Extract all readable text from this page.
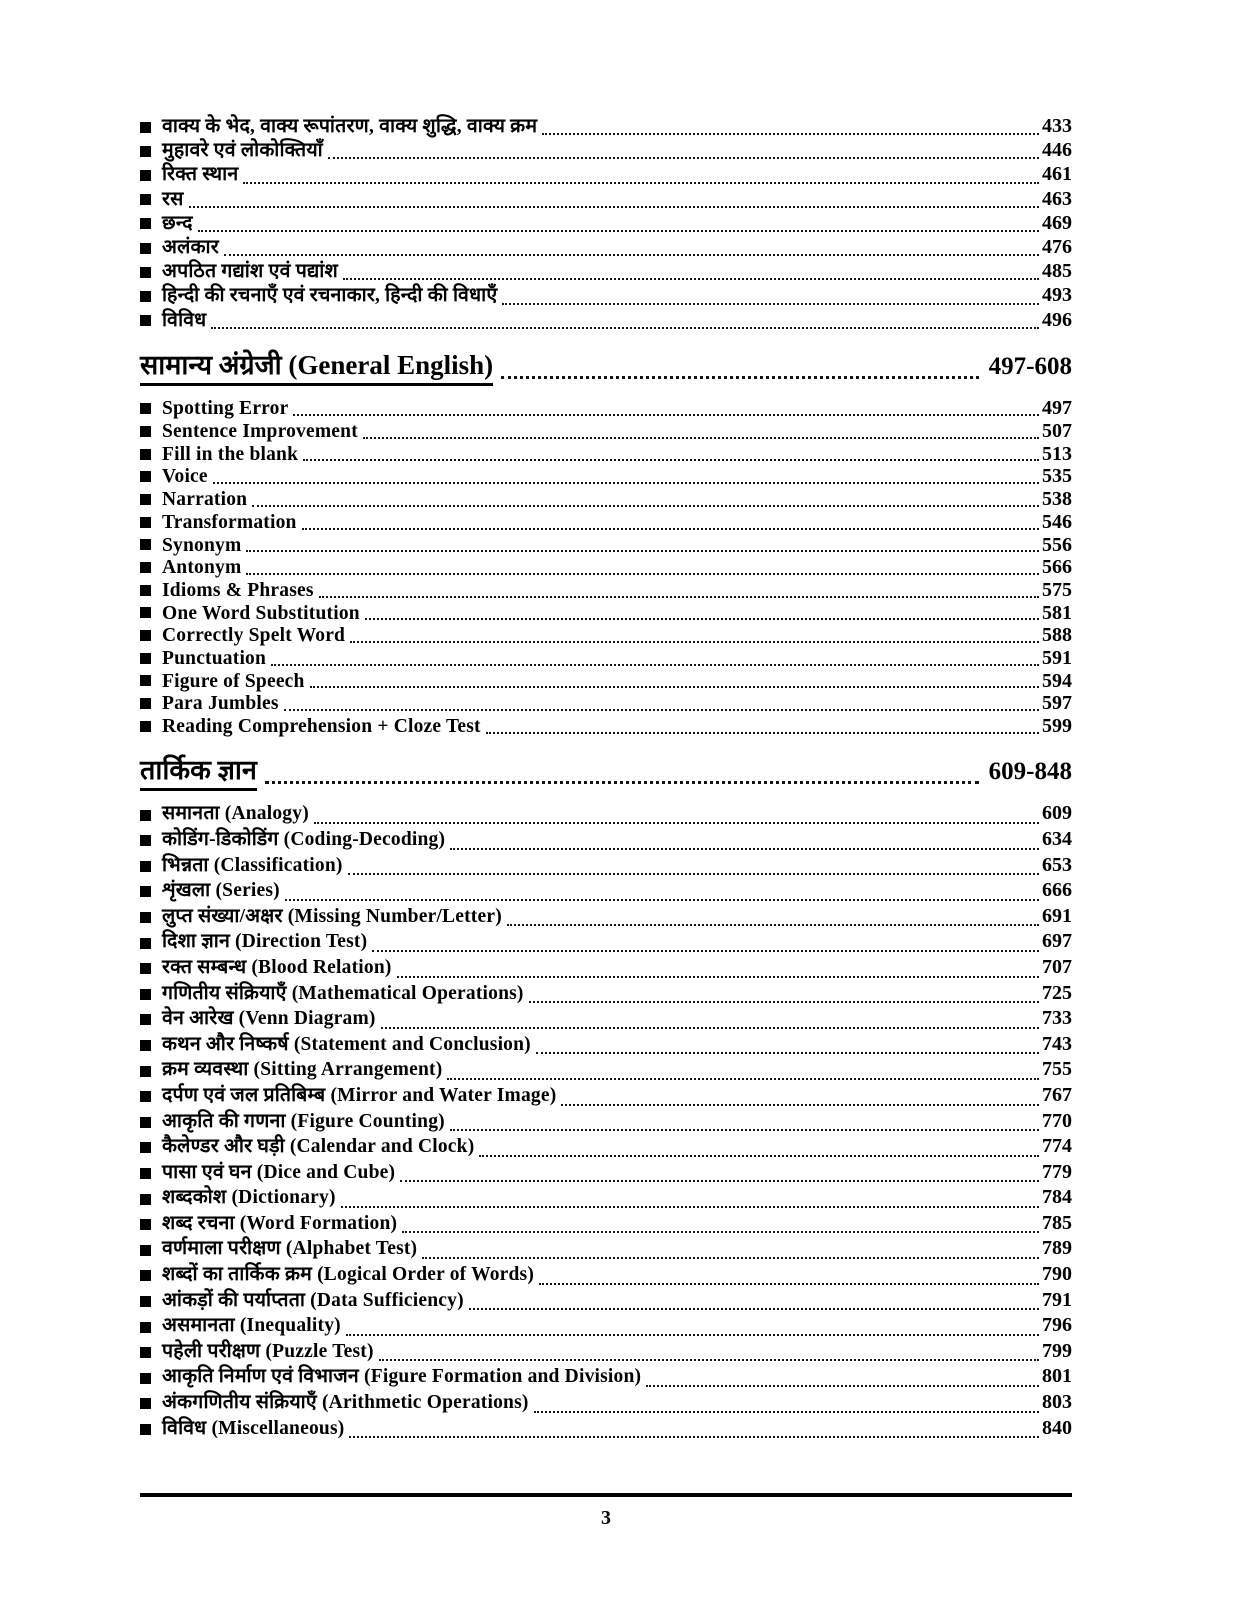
वाक्य के भेद, वाक्य रूपांतरण, वाक्य शुद्धि, वाक्य क्रम	433
मुहावरे एवं लोकोक्तियाँ	446
रिक्त स्थान	461
रस	463
छन्द	469
अलंकार	476
अपठित गद्यांश एवं पद्यांश	485
हिन्दी की रचनाएँ एवं रचनाकार, हिन्दी की विधाएँ	493
विविध	496
सामान्य अंग्रेजी (General English)	497-608
Spotting Error	497
Sentence Improvement	507
Fill in the blank	513
Voice	535
Narration	538
Transformation	546
Synonym	556
Antonym	566
Idioms & Phrases	575
One Word Substitution	581
Correctly Spelt Word	588
Punctuation	591
Figure of Speech	594
Para Jumbles	597
Reading Comprehension + Cloze Test	599
तार्किक ज्ञान	609-848
समानता (Analogy)	609
कोडिंग-डिकोडिंग (Coding-Decoding)	634
भिन्नता (Classification)	653
शृंखला (Series)	666
लुप्त संख्या/अक्षर (Missing Number/Letter)	691
दिशा ज्ञान (Direction Test)	697
रक्त सम्बन्ध (Blood Relation)	707
गणितीय संक्रियाएँ (Mathematical Operations)	725
वेन आरेख (Venn Diagram)	733
कथन और निष्कर्ष (Statement and Conclusion)	743
क्रम व्यवस्था (Sitting Arrangement)	755
दर्पण एवं जल प्रतिबिम्ब (Mirror and Water Image)	767
आकृति की गणना (Figure Counting)	770
कैलेण्डर और घड़ी (Calendar and Clock)	774
पासा एवं घन (Dice and Cube)	779
शब्दकोश (Dictionary)	784
शब्द रचना (Word Formation)	785
वर्णमाला परीक्षण (Alphabet Test)	789
शब्दों का तार्किक क्रम (Logical Order of Words)	790
आंकड़ों की पर्याप्तता (Data Sufficiency)	791
असमानता (Inequality)	796
पहेली परीक्षण (Puzzle Test)	799
आकृति निर्माण एवं विभाजन (Figure Formation and Division)	801
अंकगणितीय संक्रियाएँ (Arithmetic Operations)	803
विविध (Miscellaneous)	840
3
